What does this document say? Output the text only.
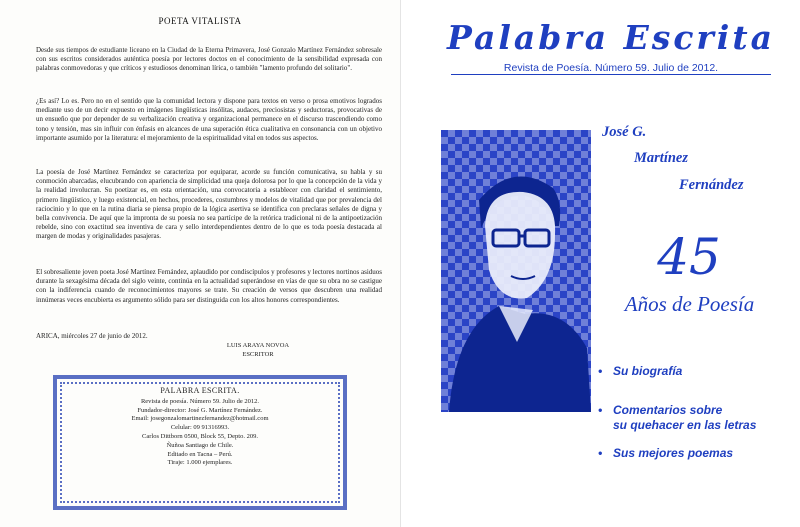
POETA VITALISTA
Desde sus tiempos de estudiante liceano en la Ciudad de la Eterna Primavera, José Gonzalo Martínez Fernández sobresale con sus escritos considerados auténtica poesía por lectores doctos en el conocimiento de la sensibilidad expresada con palabras conmovedoras y que críticos y estudiosos denominan lírica, o también "lamento profundo del solitario".
¿Es así? Lo es. Pero no en el sentido que la comunidad lectora y dispone para textos en verso o prosa emotivos logrados mediante uso de un decir expuesto en imágenes lingüísticas insólitas, audaces, preciosistas y seductoras, provocativas de un ensueño que por depender de su verbalización creativa y organizacional permanece en el discurso trascendiendo como tono y tensión, mas sin influir con énfasis en alcances de una superación ética cualitativa en consonancia con un objetivo importante asumido por la literatura: el mejoramiento de la espiritualidad vital en todos sus aspectos.
La poesía de José Martínez Fernández se caracteriza por equiparar, acorde su función comunicativa, su habla y su conmoción abarcadas, elucubrando con apariencia de simplicidad una queja dolorosa por lo que la concepción de la vida y la realidad involucran. Su poetizar es, en esta orientación, una convocatoria a establecer con claridad el sentimiento, primero lingüístico, y luego existencial, en hechos, procederes, costumbres y modelos de vitalidad que por prevalencia del raciocinio y lo que en la rutina diaria se piensa propio de la lógica asertiva se identifica con preclaras señales de digna y bella convivencia. De aquí que la impronta de su poesía no sea partícipe de la retórica tradicional ni de la antipoetización rebelde, sino con exactitud sea inventiva de cara y sello interdependientes dentro de lo que es toda poesía destacada al margen de modas y originalidades pasajeras.
El sobresaliente joven poeta José Martínez Fernández, aplaudido por condiscípulos y profesores y lectores nortinos asiduos durante la sexagésima década del siglo veinte, continúa en la actualidad superándose en vías de que su obra no se castigue con la indiferencia cuando de reconocimientos mayores se trate. Su creación de versos que descubren una realidad innúmeras veces encubierta es argumento sólido para ser distinguida con los altos honores correspondientes.
ARICA, miércoles 27 de junio de 2012.
LUIS ARAYA NOVOA
ESCRITOR
PALABRA ESCRITA.
Revista de poesía. Número 59. Julio de 2012.
Fundador-director: José G. Martínez Fernández.
Email: josegonzalomartinezfernandez@hotmail.com
Celular: 09 91316993.
Carlos Dittborn 0500, Block 55, Depto. 209.
Ñuñoa Santiago de Chile.
Editado en Tacna – Perú.
Tiraje: 1.000 ejemplares.
Palabra Escrita
Revista de Poesía. Número 59. Julio de 2012.
José G.
Martínez
Fernández
45
Años de Poesía
• Su biografía
• Comentarios sobre
su quehacer en las letras
• Sus mejores poemas
